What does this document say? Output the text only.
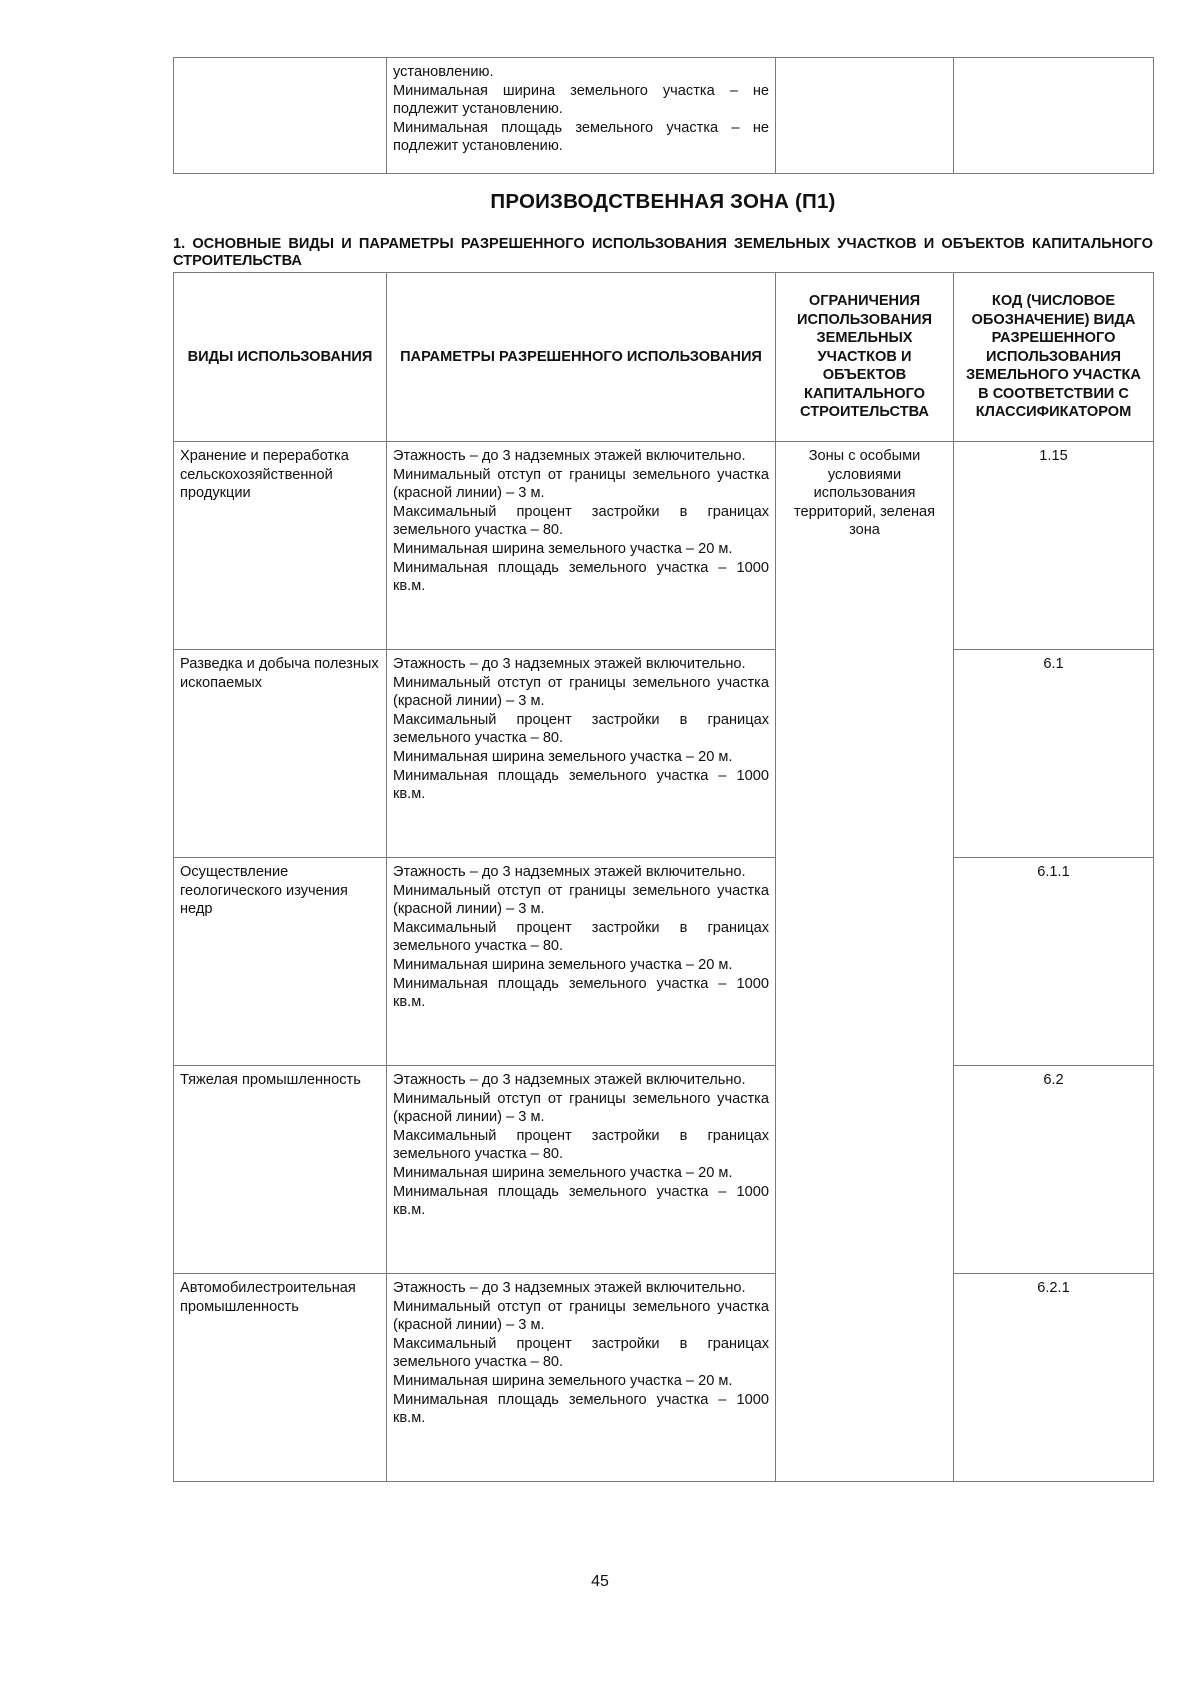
установлению.

Минимальная ширина земельного участка – не подлежит установлению.

Минимальная площадь земельного участка – не подлежит установлению.

ПРОИЗВОДСТВЕННАЯ ЗОНА (П1)

1. ОСНОВНЫЕ ВИДЫ И ПАРАМЕТРЫ РАЗРЕШЕННОГО ИСПОЛЬЗОВАНИЯ ЗЕМЕЛЬНЫХ УЧАСТКОВ И ОБЪЕКТОВ КАПИТАЛЬНОГО СТРОИТЕЛЬСТВА

ВИДЫ ИСПОЛЬЗОВАНИЯ	ПАРАМЕТРЫ РАЗРЕШЕННОГО ИСПОЛЬЗОВАНИЯ	ОГРАНИЧЕНИЯ ИСПОЛЬЗОВАНИЯ ЗЕМЕЛЬНЫХ УЧАСТКОВ И ОБЪЕКТОВ КАПИТАЛЬНОГО СТРОИТЕЛЬСТВА	КОД (ЧИСЛОВОЕ ОБОЗНАЧЕНИЕ) ВИДА РАЗРЕШЕННОГО ИСПОЛЬЗОВАНИЯ ЗЕМЕЛЬНОГО УЧАСТКА В СООТВЕТСТВИИ С КЛАССИФИКАТОРОМ
Хранение и переработка сельскохозяйственной продукции	Этажность – до 3 надземных этажей включительно.

Минимальный отступ от границы земельного участка (красной линии) – 3 м.

Максимальный процент застройки в границах земельного участка – 80.

Минимальная ширина земельного участка – 20 м.

Минимальная площадь земельного участка – 1000 кв.м.	Зоны с особыми условиями использования территорий, зеленая зона	1.15
Разведка и добыча полезных ископаемых	Этажность – до 3 надземных этажей включительно.

Минимальный отступ от границы земельного участка (красной линии) – 3 м.

Максимальный процент застройки в границах земельного участка – 80.

Минимальная ширина земельного участка – 20 м.

Минимальная площадь земельного участка – 1000 кв.м.		6.1
Осуществление геологического изучения недр	Этажность – до 3 надземных этажей включительно.

Минимальный отступ от границы земельного участка (красной линии) – 3 м.

Максимальный процент застройки в границах земельного участка – 80.

Минимальная ширина земельного участка – 20 м.

Минимальная площадь земельного участка – 1000 кв.м.		6.1.1
Тяжелая промышленность	Этажность – до 3 надземных этажей включительно.

Минимальный отступ от границы земельного участка (красной линии) – 3 м.

Максимальный процент застройки в границах земельного участка – 80.

Минимальная ширина земельного участка – 20 м.

Минимальная площадь земельного участка – 1000 кв.м.		6.2
Автомобилестроительная промышленность	Этажность – до 3 надземных этажей включительно.

Минимальный отступ от границы земельного участка (красной линии) – 3 м.

Максимальный процент застройки в границах земельного участка – 80.

Минимальная ширина земельного участка – 20 м.

Минимальная площадь земельного участка – 1000 кв.м.		6.2.1

45
